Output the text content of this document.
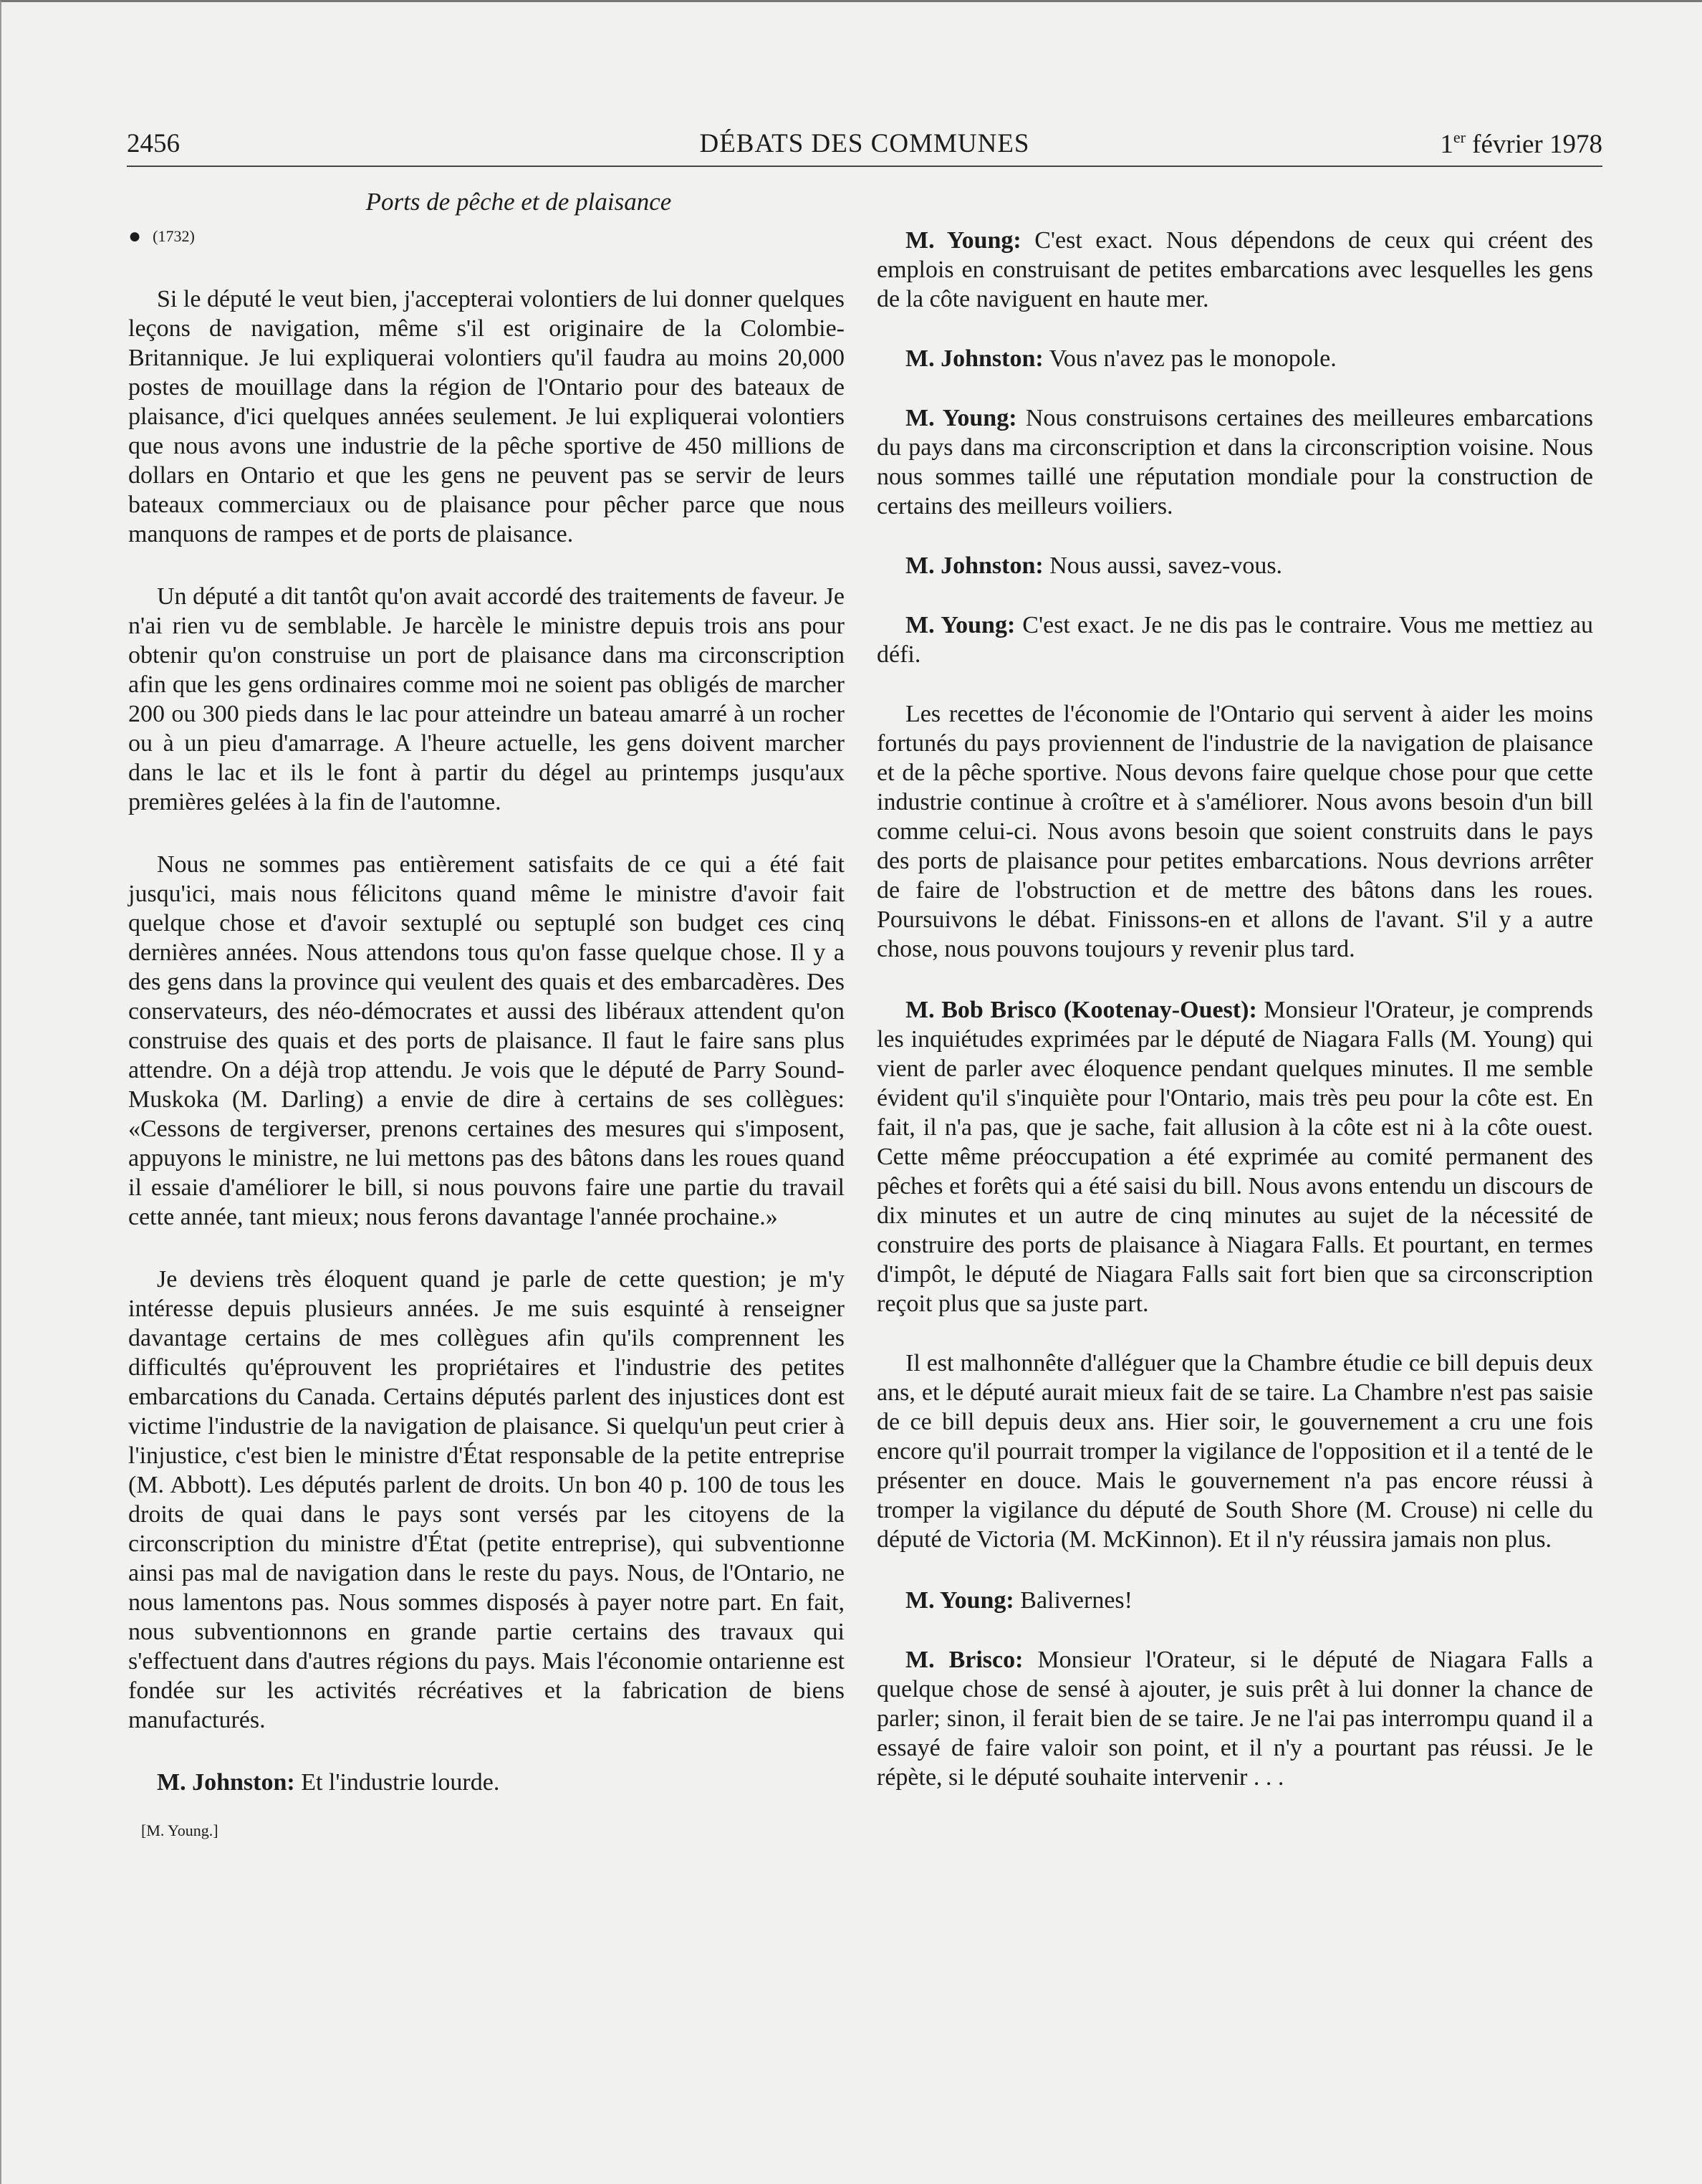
2456	DÉBATS DES COMMUNES	1er février 1978
Ports de pêche et de plaisance
● (1732)

Si le député le veut bien, j'accepterai volontiers de lui donner quelques leçons de navigation, même s'il est originaire de la Colombie-Britannique. Je lui expliquerai volontiers qu'il faudra au moins 20,000 postes de mouillage dans la région de l'Ontario pour des bateaux de plaisance, d'ici quelques années seulement. Je lui expliquerai volontiers que nous avons une industrie de la pêche sportive de 450 millions de dollars en Ontario et que les gens ne peuvent pas se servir de leurs bateaux commerciaux ou de plaisance pour pêcher parce que nous manquons de rampes et de ports de plaisance.

Un député a dit tantôt qu'on avait accordé des traitements de faveur. Je n'ai rien vu de semblable. Je harcèle le ministre depuis trois ans pour obtenir qu'on construise un port de plaisance dans ma circonscription afin que les gens ordinaires comme moi ne soient pas obligés de marcher 200 ou 300 pieds dans le lac pour atteindre un bateau amarré à un rocher ou à un pieu d'amarrage. A l'heure actuelle, les gens doivent marcher dans le lac et ils le font à partir du dégel au printemps jusqu'aux premières gelées à la fin de l'automne.

Nous ne sommes pas entièrement satisfaits de ce qui a été fait jusqu'ici, mais nous félicitons quand même le ministre d'avoir fait quelque chose et d'avoir sextuplé ou septuplé son budget ces cinq dernières années. Nous attendons tous qu'on fasse quelque chose. Il y a des gens dans la province qui veulent des quais et des embarcadères. Des conservateurs, des néo-démocrates et aussi des libéraux attendent qu'on construise des quais et des ports de plaisance. Il faut le faire sans plus attendre. On a déjà trop attendu. Je vois que le député de Parry Sound-Muskoka (M. Darling) a envie de dire à certains de ses collègues: «Cessons de tergiverser, prenons certaines des mesures qui s'imposent, appuyons le ministre, ne lui mettons pas des bâtons dans les roues quand il essaie d'améliorer le bill, si nous pouvons faire une partie du travail cette année, tant mieux; nous ferons davantage l'année prochaine.»

Je deviens très éloquent quand je parle de cette question; je m'y intéresse depuis plusieurs années. Je me suis esquinté à renseigner davantage certains de mes collègues afin qu'ils comprennent les difficultés qu'éprouvent les propriétaires et l'industrie des petites embarcations du Canada. Certains députés parlent des injustices dont est victime l'industrie de la navigation de plaisance. Si quelqu'un peut crier à l'injustice, c'est bien le ministre d'État responsable de la petite entreprise (M. Abbott). Les députés parlent de droits. Un bon 40 p. 100 de tous les droits de quai dans le pays sont versés par les citoyens de la circonscription du ministre d'État (petite entreprise), qui subventionne ainsi pas mal de navigation dans le reste du pays. Nous, de l'Ontario, ne nous lamentons pas. Nous sommes disposés à payer notre part. En fait, nous subventionnons en grande partie certains des travaux qui s'effectuent dans d'autres régions du pays. Mais l'économie ontarienne est fondée sur les activités récréatives et la fabrication de biens manufacturés.

M. Johnston: Et l'industrie lourde.

[M. Young.]

M. Young: C'est exact. Nous dépendons de ceux qui créent des emplois en construisant de petites embarcations avec lesquelles les gens de la côte naviguent en haute mer.

M. Johnston: Vous n'avez pas le monopole.

M. Young: Nous construisons certaines des meilleures embarcations du pays dans ma circonscription et dans la circonscription voisine. Nous nous sommes taillé une réputation mondiale pour la construction de certains des meilleurs voiliers.

M. Johnston: Nous aussi, savez-vous.

M. Young: C'est exact. Je ne dis pas le contraire. Vous me mettiez au défi.

Les recettes de l'économie de l'Ontario qui servent à aider les moins fortunés du pays proviennent de l'industrie de la navigation de plaisance et de la pêche sportive. Nous devons faire quelque chose pour que cette industrie continue à croître et à s'améliorer. Nous avons besoin d'un bill comme celui-ci. Nous avons besoin que soient construits dans le pays des ports de plaisance pour petites embarcations. Nous devrions arrêter de faire de l'obstruction et de mettre des bâtons dans les roues. Poursuivons le débat. Finissons-en et allons de l'avant. S'il y a autre chose, nous pouvons toujours y revenir plus tard.

M. Bob Brisco (Kootenay-Ouest): Monsieur l'Orateur, je comprends les inquiétudes exprimées par le député de Niagara Falls (M. Young) qui vient de parler avec éloquence pendant quelques minutes. Il me semble évident qu'il s'inquiète pour l'Ontario, mais très peu pour la côte est. En fait, il n'a pas, que je sache, fait allusion à la côte est ni à la côte ouest. Cette même préoccupation a été exprimée au comité permanent des pêches et forêts qui a été saisi du bill. Nous avons entendu un discours de dix minutes et un autre de cinq minutes au sujet de la nécessité de construire des ports de plaisance à Niagara Falls. Et pourtant, en termes d'impôt, le député de Niagara Falls sait fort bien que sa circonscription reçoit plus que sa juste part.

Il est malhonnête d'alléguer que la Chambre étudie ce bill depuis deux ans, et le député aurait mieux fait de se taire. La Chambre n'est pas saisie de ce bill depuis deux ans. Hier soir, le gouvernement a cru une fois encore qu'il pourrait tromper la vigilance de l'opposition et il a tenté de le présenter en douce. Mais le gouvernement n'a pas encore réussi à tromper la vigilance du député de South Shore (M. Crouse) ni celle du député de Victoria (M. McKinnon). Et il n'y réussira jamais non plus.

M. Young: Balivernes!

M. Brisco: Monsieur l'Orateur, si le député de Niagara Falls a quelque chose de sensé à ajouter, je suis prêt à lui donner la chance de parler; sinon, il ferait bien de se taire. Je ne l'ai pas interrompu quand il a essayé de faire valoir son point, et il n'y a pourtant pas réussi. Je le répète, si le député souhaite intervenir . . .
